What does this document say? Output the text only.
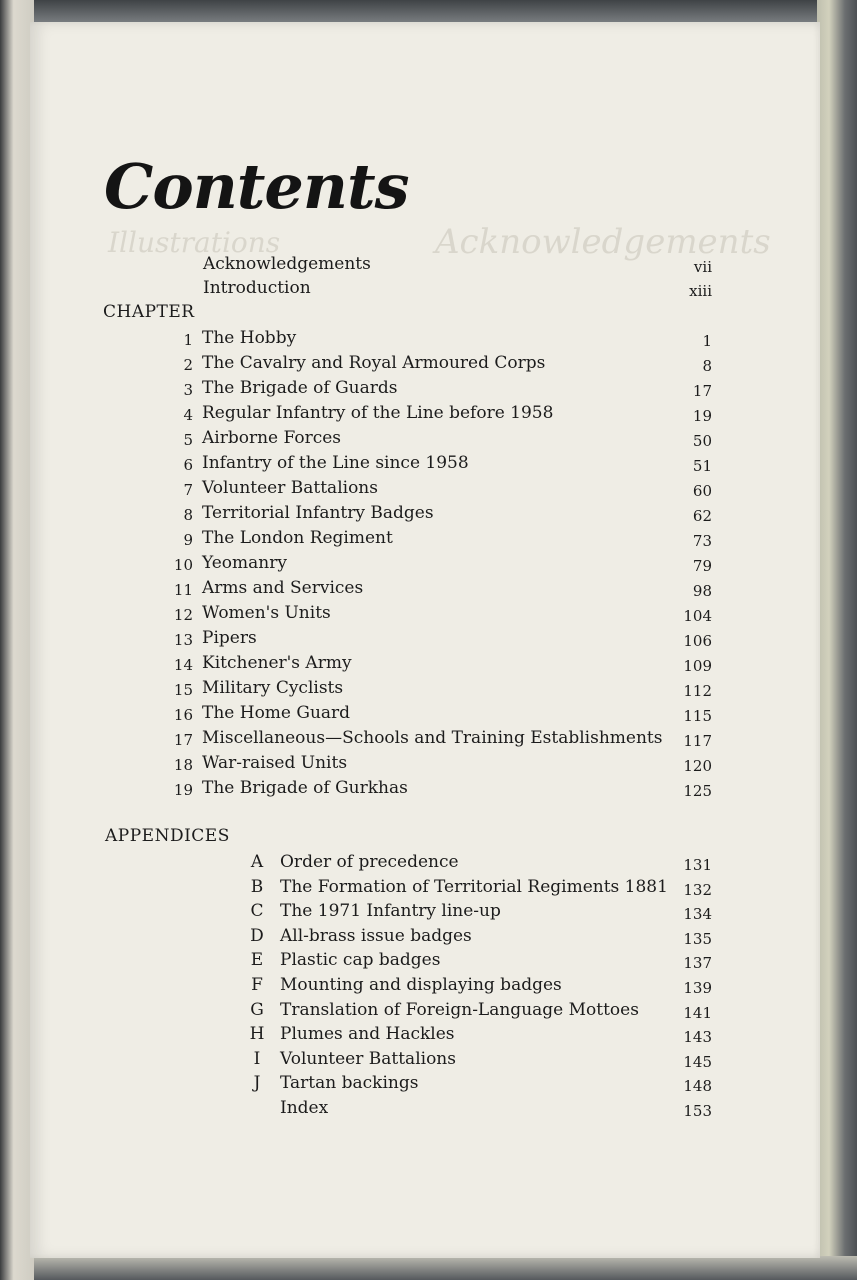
Acknowledgements
Illustrations
Contents
Acknowledgements	vii
Introduction	xiii
CHAPTER
1 The Hobby	1
2 The Cavalry and Royal Armoured Corps	8
3 The Brigade of Guards	17
4 Regular Infantry of the Line before 1958	19
5 Airborne Forces	50
6 Infantry of the Line since 1958	51
7 Volunteer Battalions	60
8 Territorial Infantry Badges	62
9 The London Regiment	73
10 Yeomanry	79
11 Arms and Services	98
12 Women's Units	104
13 Pipers	106
14 Kitchener's Army	109
15 Military Cyclists	112
16 The Home Guard	115
17 Miscellaneous—Schools and Training Establishments	117
18 War-raised Units	120
19 The Brigade of Gurkhas	125
APPENDICES
A Order of precedence	131
B The Formation of Territorial Regiments 1881	132
C The 1971 Infantry line-up	134
D All-brass issue badges	135
E Plastic cap badges	137
F Mounting and displaying badges	139
G Translation of Foreign-Language Mottoes	141
H Plumes and Hackles	143
I Volunteer Battalions	145
J Tartan backings	148
Index	153
